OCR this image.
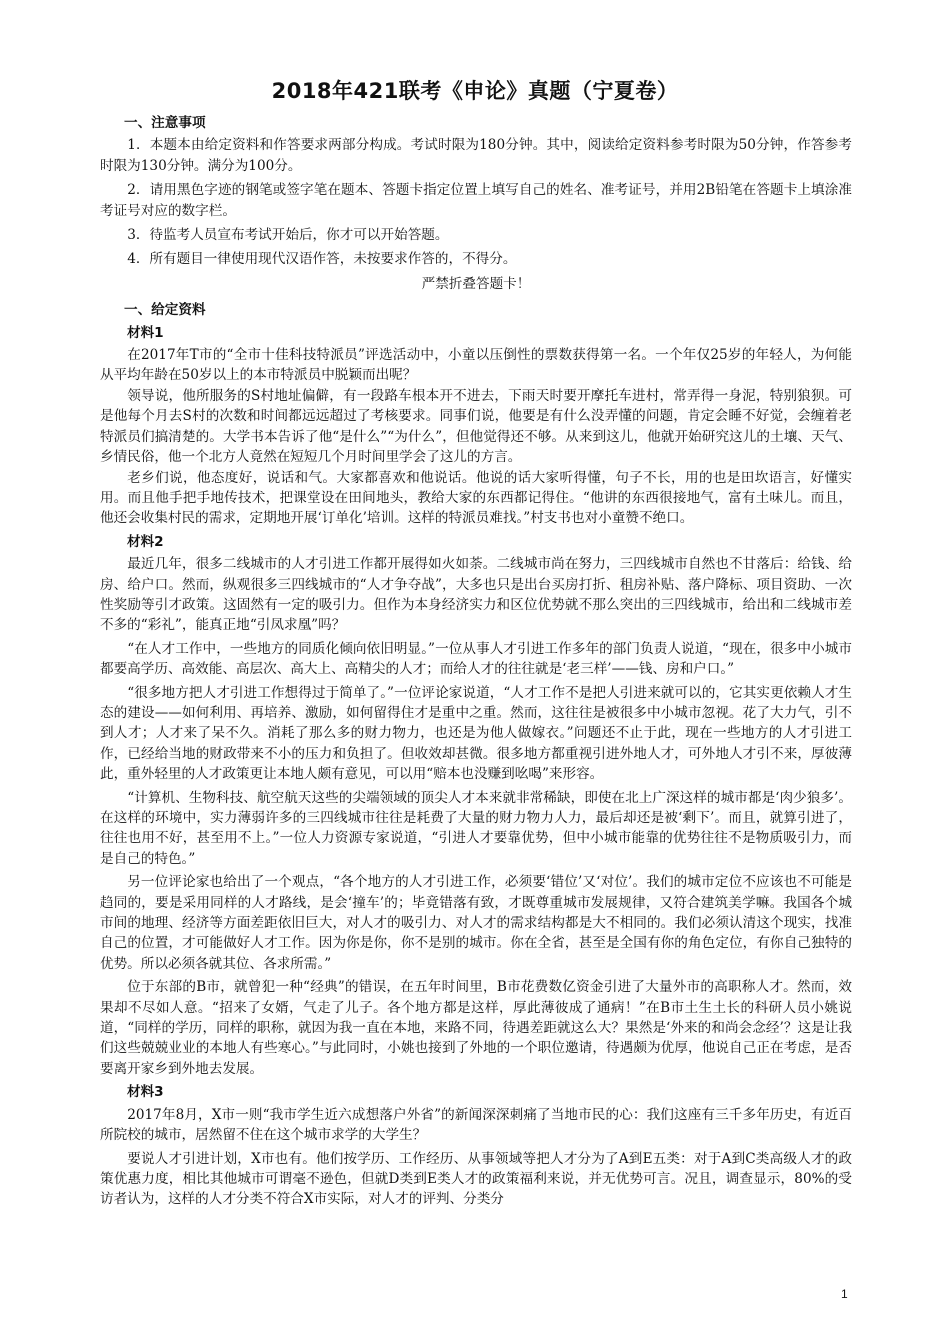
2018年421联考《申论》真题（宁夏卷）

一、注意事项

1．本题本由给定资料和作答要求两部分构成。考试时限为180分钟。其中，阅读给定资料参考时限为50分钟，作答参考时限为130分钟。满分为100分。

2．请用黑色字迹的钢笔或签字笔在题本、答题卡指定位置上填写自己的姓名、准考证号，并用2B铅笔在答题卡上填涂准考证号对应的数字栏。

3．待监考人员宣布考试开始后，你才可以开始答题。

4．所有题目一律使用现代汉语作答，未按要求作答的，不得分。

严禁折叠答题卡！

一、给定资料

材料1

在2017年T市的“全市十佳科技特派员”评选活动中，小童以压倒性的票数获得第一名。一个年仅25岁的年轻人，为何能从平均年龄在50岁以上的本市特派员中脱颖而出呢？

领导说，他所服务的S村地址偏僻，有一段路车根本开不进去，下雨天时要开摩托车进村，常弄得一身泥，特别狼狈。可是他每个月去S村的次数和时间都远远超过了考核要求。同事们说，他要是有什么没弄懂的问题，肯定会睡不好觉，会缠着老特派员们搞清楚的。大学书本告诉了他“是什么”“为什么”，但他觉得还不够。从来到这儿，他就开始研究这儿的土壤、天气、乡情民俗，他一个北方人竟然在短短几个月时间里学会了这儿的方言。

老乡们说，他态度好，说话和气。大家都喜欢和他说话。他说的话大家听得懂，句子不长，用的也是田坎语言，好懂实用。而且他手把手地传技术，把课堂设在田间地头，教给大家的东西都记得住。“他讲的东西很接地气，富有土味儿。而且，他还会收集村民的需求，定期地开展‘订单化’培训。这样的特派员难找。”村支书也对小童赞不绝口。

材料2

最近几年，很多二线城市的人才引进工作都开展得如火如荼。二线城市尚在努力，三四线城市自然也不甘落后：给钱、给房、给户口。然而，纵观很多三四线城市的“人才争夺战”，大多也只是出台买房打折、租房补贴、落户降标、项目资助、一次性奖励等引才政策。这固然有一定的吸引力。但作为本身经济实力和区位优势就不那么突出的三四线城市，给出和二线城市差不多的“彩礼”，能真正地“引凤求凰”吗？

“在人才工作中，一些地方的同质化倾向依旧明显。”一位从事人才引进工作多年的部门负责人说道，“现在，很多中小城市都要高学历、高效能、高层次、高大上、高精尖的人才；而给人才的往往就是‘老三样’——钱、房和户口。”

“很多地方把人才引进工作想得过于简单了。”一位评论家说道，“人才工作不是把人引进来就可以的，它其实更依赖人才生态的建设——如何利用、再培养、激励，如何留得住才是重中之重。然而，这往往是被很多中小城市忽视。花了大力气，引不到人才；人才来了呆不久。消耗了那么多的财力物力，也还是为他人做嫁衣。”问题还不止于此，现在一些地方的人才引进工作，已经给当地的财政带来不小的压力和负担了。但收效却甚微。很多地方都重视引进外地人才，可外地人才引不来，厚彼薄此，重外轻里的人才政策更让本地人颇有意见，可以用“赔本也没赚到吆喝”来形容。

“计算机、生物科技、航空航天这些的尖端领域的顶尖人才本来就非常稀缺，即使在北上广深这样的城市都是‘肉少狼多’。在这样的环境中，实力薄弱许多的三四线城市往往是耗费了大量的财力物力人力，最后却还是被‘剩下’。而且，就算引进了，往往也用不好，甚至用不上。”一位人力资源专家说道，“引进人才要靠优势，但中小城市能靠的优势往往不是物质吸引力，而是自己的特色。”

另一位评论家也给出了一个观点，“各个地方的人才引进工作，必须要‘错位’又‘对位’。我们的城市定位不应该也不可能是趋同的，要是采用同样的人才路线，是会‘撞车’的；毕竟错落有致，才既尊重城市发展规律，又符合建筑美学嘛。我国各个城市间的地理、经济等方面差距依旧巨大，对人才的吸引力、对人才的需求结构都是大不相同的。我们必须认清这个现实，找准自己的位置，才可能做好人才工作。因为你是你，你不是别的城市。你在全省，甚至是全国有你的角色定位，有你自己独特的优势。所以必须各就其位、各求所需。”

位于东部的B市，就曾犯一种“经典”的错误，在五年时间里，B市花费数亿资金引进了大量外市的高职称人才。然而，效果却不尽如人意。“招来了女婿，气走了儿子。各个地方都是这样，厚此薄彼成了通病！”在B市土生土长的科研人员小姚说道，“同样的学历，同样的职称，就因为我一直在本地，来路不同，待遇差距就这么大？果然是‘外来的和尚会念经’？这是让我们这些兢兢业业的本地人有些寒心。”与此同时，小姚也接到了外地的一个职位邀请，待遇颇为优厚，他说自己正在考虑，是否要离开家乡到外地去发展。

材料3

2017年8月，X市一则“我市学生近六成想落户外省”的新闻深深刺痛了当地市民的心：我们这座有三千多年历史，有近百所院校的城市，居然留不住在这个城市求学的大学生？

要说人才引进计划，X市也有。他们按学历、工作经历、从事领域等把人才分为了A到E五类：对于A到C类高级人才的政策优惠力度，相比其他城市可谓毫不逊色，但就D类到E类人才的政策福利来说，并无优势可言。况且，调查显示，80%的受访者认为，这样的人才分类不符合X市实际，对人才的评判、分类分

1
